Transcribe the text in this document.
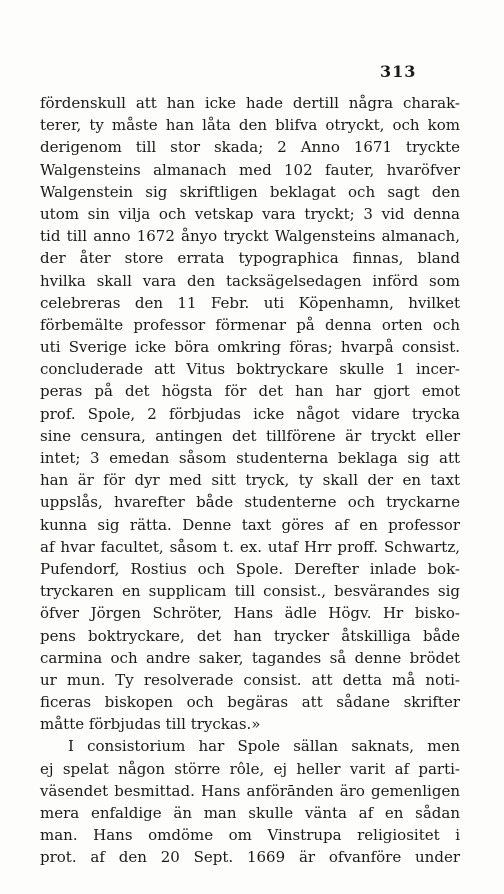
313
fördenskull att han icke hade dertill några charak-
terer, ty måste han låta den blifva otryckt, och kom
derigenom till stor skada; 2 Anno 1671 tryckte
Walgensteins almanach med 102 fauter, hvaröfver
Walgenstein sig skriftligen beklagat och sagt den
utom sin vilja och vetskap vara tryckt; 3 vid denna
tid till anno 1672 ånyo tryckt Walgensteins almanach,
der åter store errata typographica finnas, bland
hvilka skall vara den tacksägelsedagen införd som
celebreras den 11 Febr. uti Köpenhamn, hvilket
förbemälte professor förmenar på denna orten och
uti Sverige icke böra omkring föras; hvarpå consist.
concluderade att Vitus boktryckare skulle 1 incer-
peras på det högsta för det han har gjort emot
prof. Spole, 2 förbjudas icke något vidare trycka
sine censura, antingen det tillförene är tryckt eller
intet; 3 emedan såsom studenterna beklaga sig att
han är för dyr med sitt tryck, ty skall der en taxt
uppslås, hvarefter både studenterne och tryckarne
kunna sig rätta. Denne taxt göres af en professor
af hvar facultet, såsom t. ex. utaf Hrr proff. Schwartz,
Pufendorf, Rostius och Spole. Derefter inlade bok-
tryckaren en supplicam till consist., besvärandes sig
öfver Jörgen Schröter, Hans ädle Högv. Hr bisko-
pens boktryckare, det han trycker åtskilliga både
carmina och andre saker, tagandes så denne brödet
ur mun. Ty resolverade consist. att detta må noti-
ficeras biskopen och begäras att sådane skrifter
måtte förbjudas till tryckas.»
I consistorium har Spole sällan saknats, men
ej spelat någon större rôle, ej heller varit af parti-
väsendet besmittad. Hans anförānden äro gemenligen
mera enfaldige än man skulle vänta af en sådan
man. Hans omdöme om Vinstrupa religiositet i
prot. af den 20 Sept. 1669 är ofvanföre under
